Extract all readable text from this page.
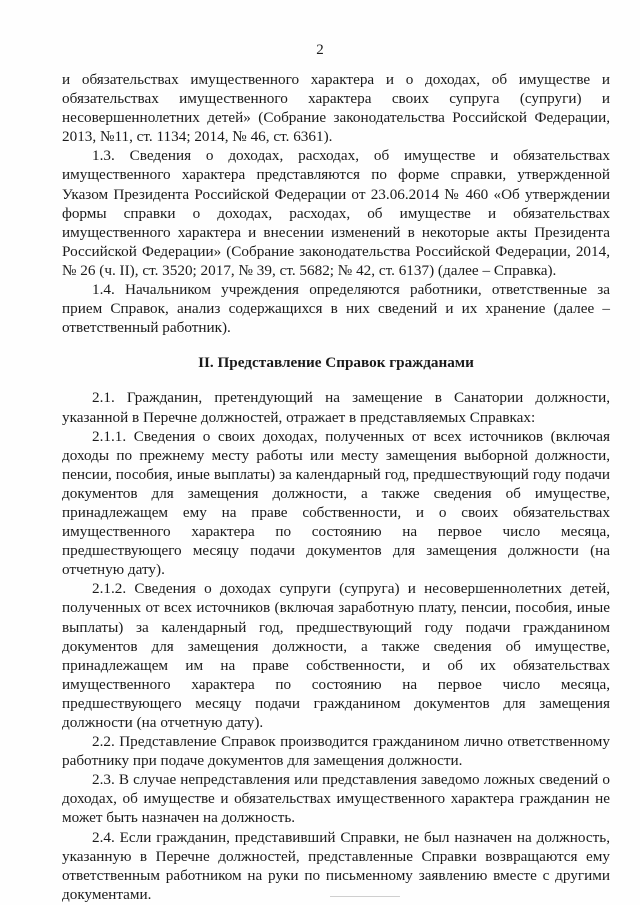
2

и обязательствах имущественного характера и о доходах, об имуществе и обязательствах имущественного характера своих супруга (супруги) и несовершеннолетних детей» (Собрание законодательства Российской Федерации, 2013, №11, ст. 1134; 2014, № 46, ст. 6361).

1.3. Сведения о доходах, расходах, об имуществе и обязательствах имущественного характера представляются по форме справки, утвержденной Указом Президента Российской Федерации от 23.06.2014 № 460 «Об утверждении формы справки о доходах, расходах, об имуществе и обязательствах имущественного характера и внесении изменений в некоторые акты Президента Российской Федерации» (Собрание законодательства Российской Федерации, 2014, № 26 (ч. II), ст. 3520; 2017, № 39, ст. 5682; № 42, ст. 6137) (далее – Справка).

1.4. Начальником учреждения определяются работники, ответственные за прием Справок, анализ содержащихся в них сведений и их хранение (далее – ответственный работник).

II. Представление Справок гражданами

2.1. Гражданин, претендующий на замещение в Санатории должности, указанной в Перечне должностей, отражает в представляемых Справках:

2.1.1. Сведения о своих доходах, полученных от всех источников (включая доходы по прежнему месту работы или месту замещения выборной должности, пенсии, пособия, иные выплаты) за календарный год, предшествующий году подачи документов для замещения должности, а также сведения об имуществе, принадлежащем ему на праве собственности, и о своих обязательствах имущественного характера по состоянию на первое число месяца, предшествующего месяцу подачи документов для замещения должности (на отчетную дату).

2.1.2. Сведения о доходах супруги (супруга) и несовершеннолетних детей, полученных от всех источников (включая заработную плату, пенсии, пособия, иные выплаты) за календарный год, предшествующий году подачи гражданином документов для замещения должности, а также сведения об имуществе, принадлежащем им на праве собственности, и об их обязательствах имущественного характера по состоянию на первое число месяца, предшествующего месяцу подачи гражданином документов для замещения должности (на отчетную дату).

2.2. Представление Справок производится гражданином лично ответственному работнику при подаче документов для замещения должности.

2.3. В случае непредставления или представления заведомо ложных сведений о доходах, об имуществе и обязательствах имущественного характера гражданин не может быть назначен на должность.

2.4. Если гражданин, представивший Справки, не был назначен на должность, указанную в Перечне должностей, представленные Справки возвращаются ему ответственным работником на руки по письменному заявлению вместе с другими документами.
